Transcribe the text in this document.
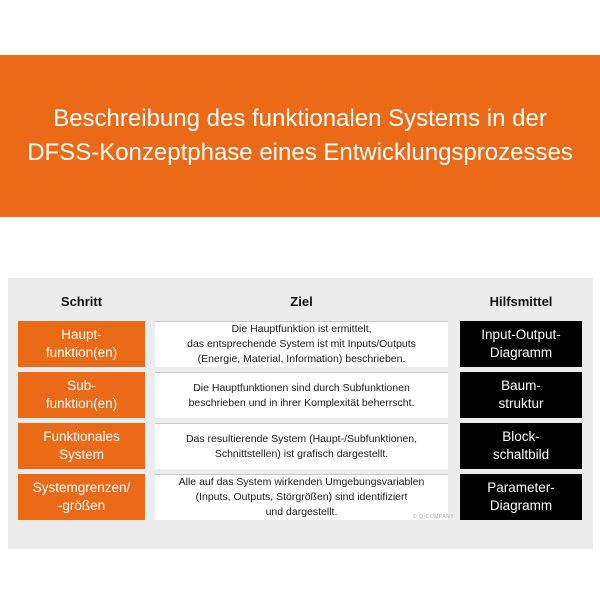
Beschreibung des funktionalen Systems in der
DFSS-Konzeptphase eines Entwicklungsprozesses
Schritt	Ziel	Hilfsmittel
Haupt-
funktion(en)
Die Hauptfunktion ist ermittelt,
das entsprechende System ist mit Inputs/Outputs
(Energie, Material, Information) beschrieben.
Input-Output-
Diagramm
Sub-
funktion(en)
Die Hauptfunktionen sind durch Subfunktionen
beschrieben und in ihrer Komplexität beherrscht.
Baum-
struktur
Funktionales
System
Das resultierende System (Haupt-/Subfunktionen,
Schnittstellen) ist grafisch dargestellt.
Block-
schaltbild
Systemgrenzen/
-größen
Alle auf das System wirkenden Umgebungsvariablen
(Inputs, Outputs, Störgrößen) sind identifiziert
und dargestellt.
Parameter-
Diagramm
© Q-COMPANY
